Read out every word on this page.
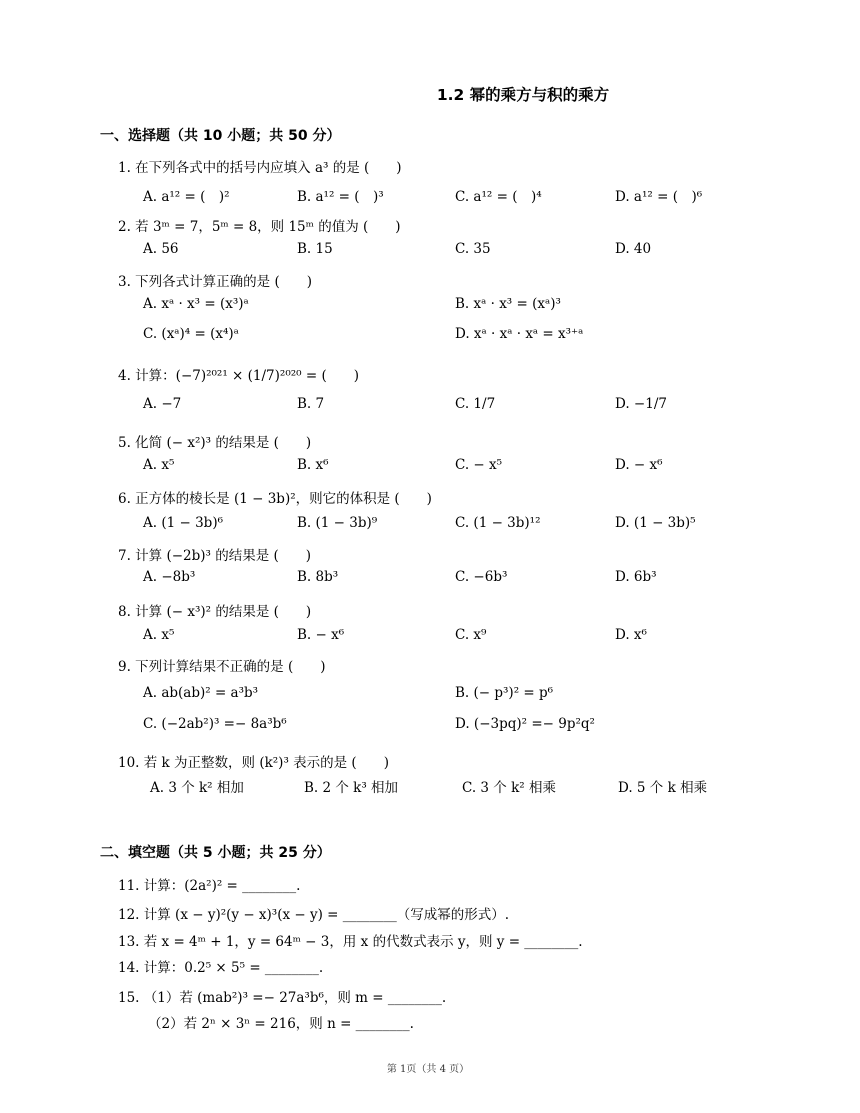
1.2 幂的乘方与积的乘方
一、选择题（共 10 小题；共 50 分）
1. 在下列各式中的括号内应填入 a³ 的是 (　　)
A. a¹² = (　)²	B. a¹² = (　)³	C. a¹² = (　)⁴	D. a¹² = (　)⁶
2. 若 3ᵐ = 7，5ᵐ = 8，则 15ᵐ 的值为 (　　)
A. 56	B. 15	C. 35	D. 40
3. 下列各式计算正确的是 (　　)
A. xᵃ · x³ = (x³)ᵃ	B. xᵃ · x³ = (xᵃ)³
C. (xᵃ)⁴ = (x⁴)ᵃ	D. xᵃ · xᵃ · xᵃ = x³⁺ᵃ
4. 计算：(−7)²⁰²¹ × (1/7)²⁰²⁰ = (　　)
A. −7	B. 7	C. 1/7	D. −1/7
5. 化简 (− x²)³ 的结果是 (　　)
A. x⁵	B. x⁶	C. − x⁵	D. − x⁶
6. 正方体的棱长是 (1 − 3b)²，则它的体积是 (　　)
A. (1 − 3b)⁶	B. (1 − 3b)⁹	C. (1 − 3b)¹²	D. (1 − 3b)⁵
7. 计算 (−2b)³ 的结果是 (　　)
A. −8b³	B. 8b³	C. −6b³	D. 6b³
8. 计算 (− x³)² 的结果是 (　　)
A. x⁵	B. − x⁶	C. x⁹	D. x⁶
9. 下列计算结果不正确的是 (　　)
A. ab(ab)² = a³b³	B. (− p³)² = p⁶
C. (−2ab²)³ =− 8a³b⁶	D. (−3pq)² =− 9p²q²
10. 若 k 为正整数，则 (k²)³ 表示的是 (　　)
A. 3 个 k² 相加	B. 2 个 k³ 相加	C. 3 个 k² 相乘	D. 5 个 k 相乘
二、填空题（共 5 小题；共 25 分）
11. 计算：(2a²)² = ________.
12. 计算 (x − y)²(y − x)³(x − y) = ________（写成幂的形式）.
13. 若 x = 4ᵐ + 1，y = 64ᵐ − 3，用 x 的代数式表示 y，则 y = ________.
14. 计算：0.2⁵ × 5⁵ = ________.
15. （1）若 (mab²)³ =− 27a³b⁶，则 m = ________.
（2）若 2ⁿ × 3ⁿ = 216，则 n = ________.
第 1页（共 4 页）
